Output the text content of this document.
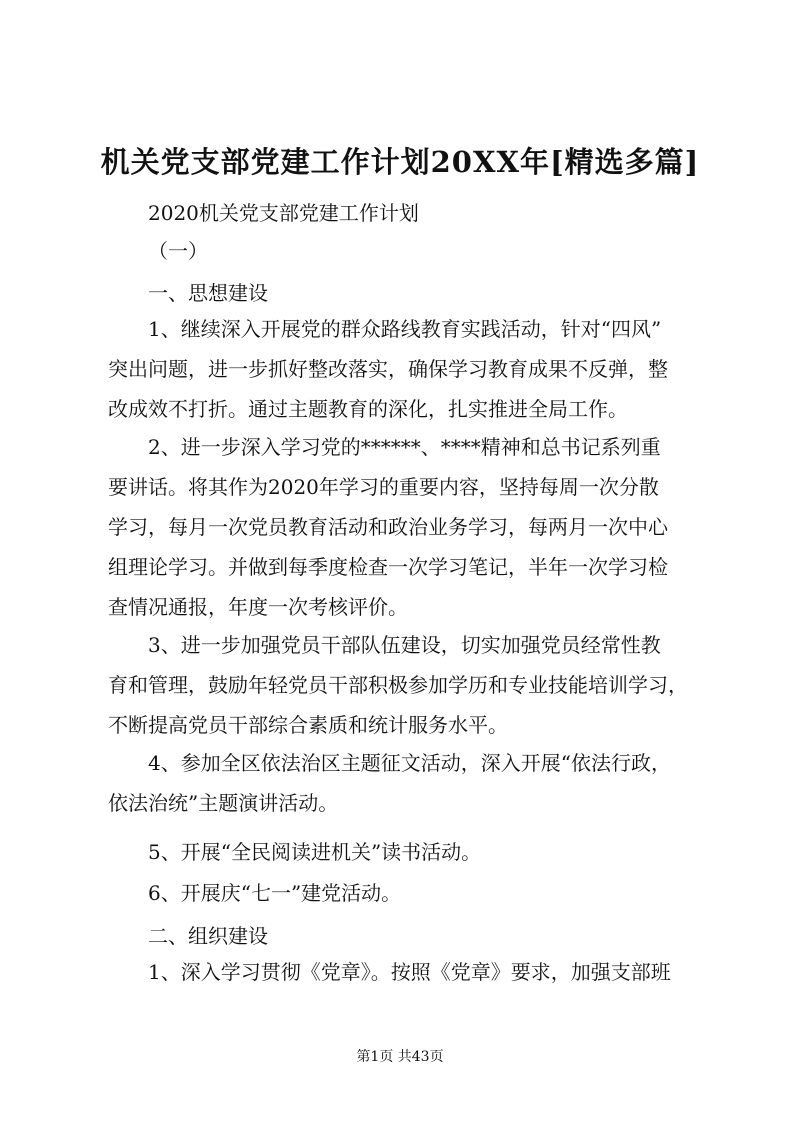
机关党支部党建工作计划20XX年[精选多篇]
2020机关党支部党建工作计划
（一）
一、思想建设
1、继续深入开展党的群众路线教育实践活动，针对“四风”
突出问题，进一步抓好整改落实，确保学习教育成果不反弹，整
改成效不打折。通过主题教育的深化，扎实推进全局工作。
2、进一步深入学习党的******、****精神和总书记系列重
要讲话。将其作为2020年学习的重要内容，坚持每周一次分散
学习，每月一次党员教育活动和政治业务学习，每两月一次中心
组理论学习。并做到每季度检查一次学习笔记，半年一次学习检
查情况通报，年度一次考核评价。
3、进一步加强党员干部队伍建设，切实加强党员经常性教
育和管理，鼓励年轻党员干部积极参加学历和专业技能培训学习，
不断提高党员干部综合素质和统计服务水平。
4、参加全区依法治区主题征文活动，深入开展“依法行政，
依法治统”主题演讲活动。
5、开展“全民阅读进机关”读书活动。
6、开展庆“七一”建党活动。
二、组织建设
1、深入学习贯彻《党章》。按照《党章》要求，加强支部班
第1页 共43页
